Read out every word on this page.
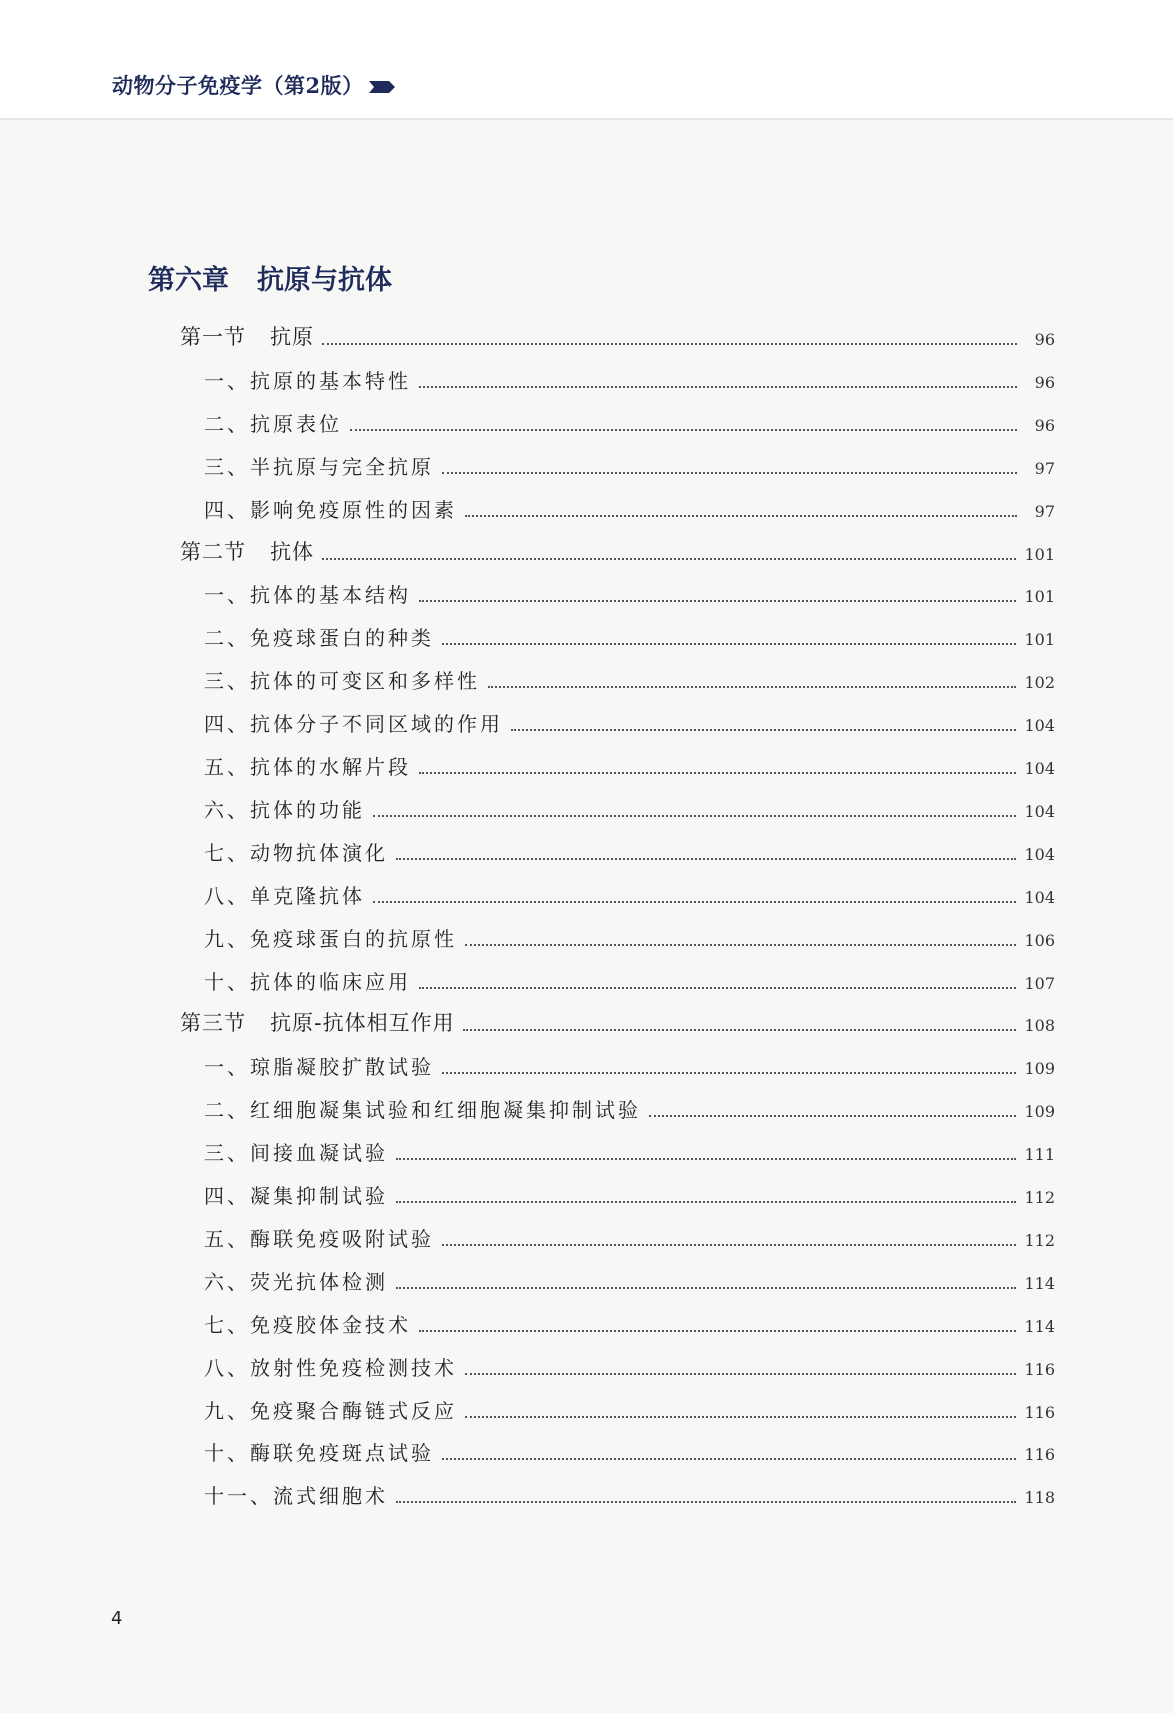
动物分子免疫学（第2版）
第六章 抗原与抗体
第一节 抗原	96
一、抗原的基本特性	96
二、抗原表位	96
三、半抗原与完全抗原	97
四、影响免疫原性的因素	97
第二节 抗体	101
一、抗体的基本结构	101
二、免疫球蛋白的种类	101
三、抗体的可变区和多样性	102
四、抗体分子不同区域的作用	104
五、抗体的水解片段	104
六、抗体的功能	104
七、动物抗体演化	104
八、单克隆抗体	104
九、免疫球蛋白的抗原性	106
十、抗体的临床应用	107
第三节 抗原-抗体相互作用	108
一、琼脂凝胶扩散试验	109
二、红细胞凝集试验和红细胞凝集抑制试验	109
三、间接血凝试验	111
四、凝集抑制试验	112
五、酶联免疫吸附试验	112
六、荧光抗体检测	114
七、免疫胶体金技术	114
八、放射性免疫检测技术	116
九、免疫聚合酶链式反应	116
十、酶联免疫斑点试验	116
十一、流式细胞术	118
4
